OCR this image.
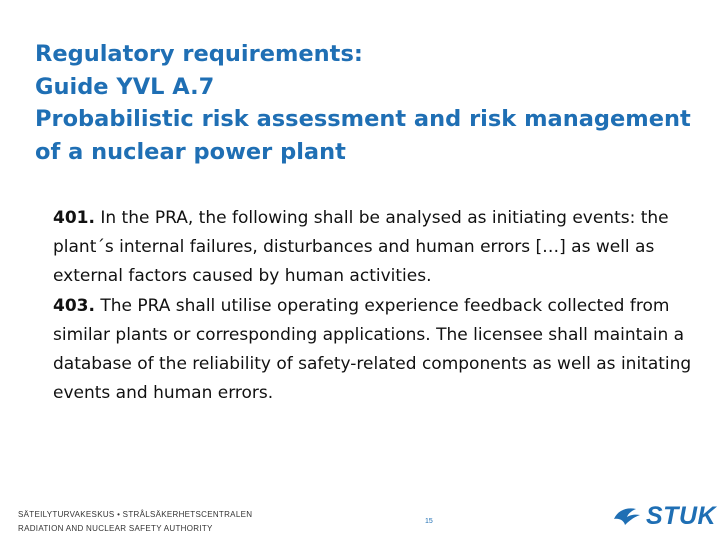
Regulatory requirements:
Guide YVL A.7
Probabilistic risk assessment and risk management
of a nuclear power plant

401. In the PRA, the following shall be analysed as initiating events: the plant´s internal failures, disturbances and human errors […] as well as external factors caused by human activities.

403. The PRA shall utilise operating experience feedback collected from similar plants or corresponding applications. The licensee shall maintain a database of the reliability of safety-related components as well as initating events and human errors.

SÄTEILYTURVAKESKUS • STRÅLSÄKERHETSCENTRALEN
RADIATION AND NUCLEAR SAFETY AUTHORITY
15	STUK
